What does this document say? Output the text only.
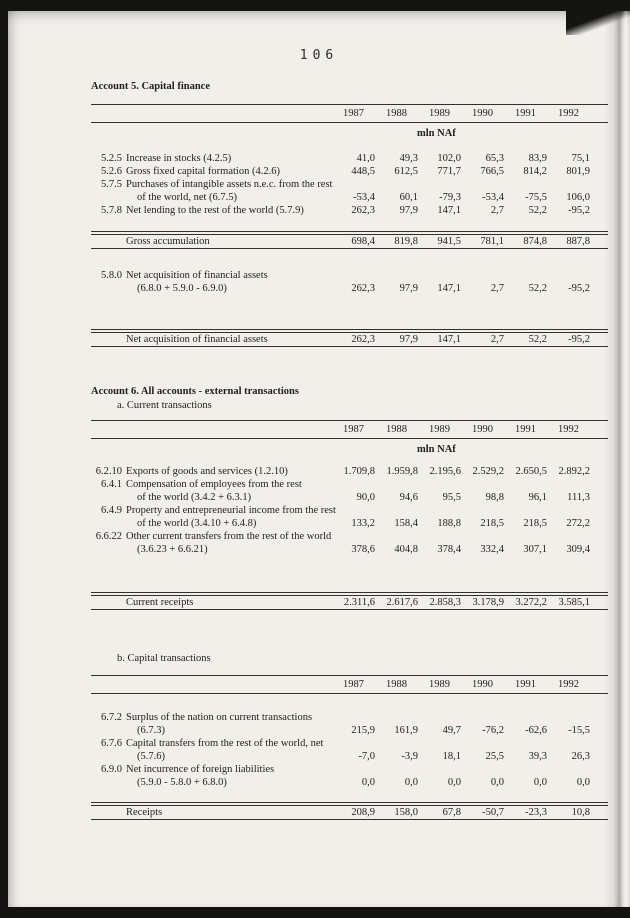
106
Account 5. Capital finance
1987	1988	1989	1990	1991	1992
mln NAf
5.2.5 Increase in stocks (4.2.5)	41,0	49,3	102,0	65,3	83,9	75,1
5.2.6 Gross fixed capital formation (4.2.6)	448,5	612,5	771,7	766,5	814,2	801,9
5.7.5 Purchases of intangible assets n.e.c. from the rest
of the world, net (6.7.5)	-53,4	60,1	-79,3	-53,4	-75,5	106,0
5.7.8 Net lending to the rest of the world (5.7.9)	262,3	97,9	147,1	2,7	52,2	-95,2
Gross accumulation	698,4	819,8	941,5	781,1	874,8	887,8
5.8.0 Net acquisition of financial assets
(6.8.0 + 5.9.0 - 6.9.0)	262,3	97,9	147,1	2,7	52,2	-95,2
Net acquisition of financial assets	262,3	97,9	147,1	2,7	52,2	-95,2
Account 6. All accounts - external transactions
a. Current transactions
1987	1988	1989	1990	1991	1992
mln NAf
6.2.10 Exports of goods and services (1.2.10)	1.709,8	1.959,8	2.195,6	2.529,2	2.650,5	2.892,2
6.4.1 Compensation of employees from the rest
of the world (3.4.2 + 6.3.1)	90,0	94,6	95,5	98,8	96,1	111,3
6.4.9 Property and entrepreneurial income from the rest
of the world (3.4.10 + 6.4.8)	133,2	158,4	188,8	218,5	218,5	272,2
6.6.22 Other current transfers from the rest of the world
(3.6.23 + 6.6.21)	378,6	404,8	378,4	332,4	307,1	309,4
Current receipts	2.311,6	2.617,6	2.858,3	3.178,9	3.272,2	3.585,1
b. Capital transactions
1987	1988	1989	1990	1991	1992
6.7.2 Surplus of the nation on current transactions
(6.7.3)	215,9	161,9	49,7	-76,2	-62,6	-15,5
6.7.6 Capital transfers from the rest of the world, net
(5.7.6)	-7,0	-3,9	18,1	25,5	39,3	26,3
6.9.0 Net incurrence of foreign liabilities
(5.9.0 - 5.8.0 + 6.8.0)	0,0	0,0	0,0	0,0	0,0	0,0
Receipts	208,9	158,0	67,8	-50,7	-23,3	10,8
